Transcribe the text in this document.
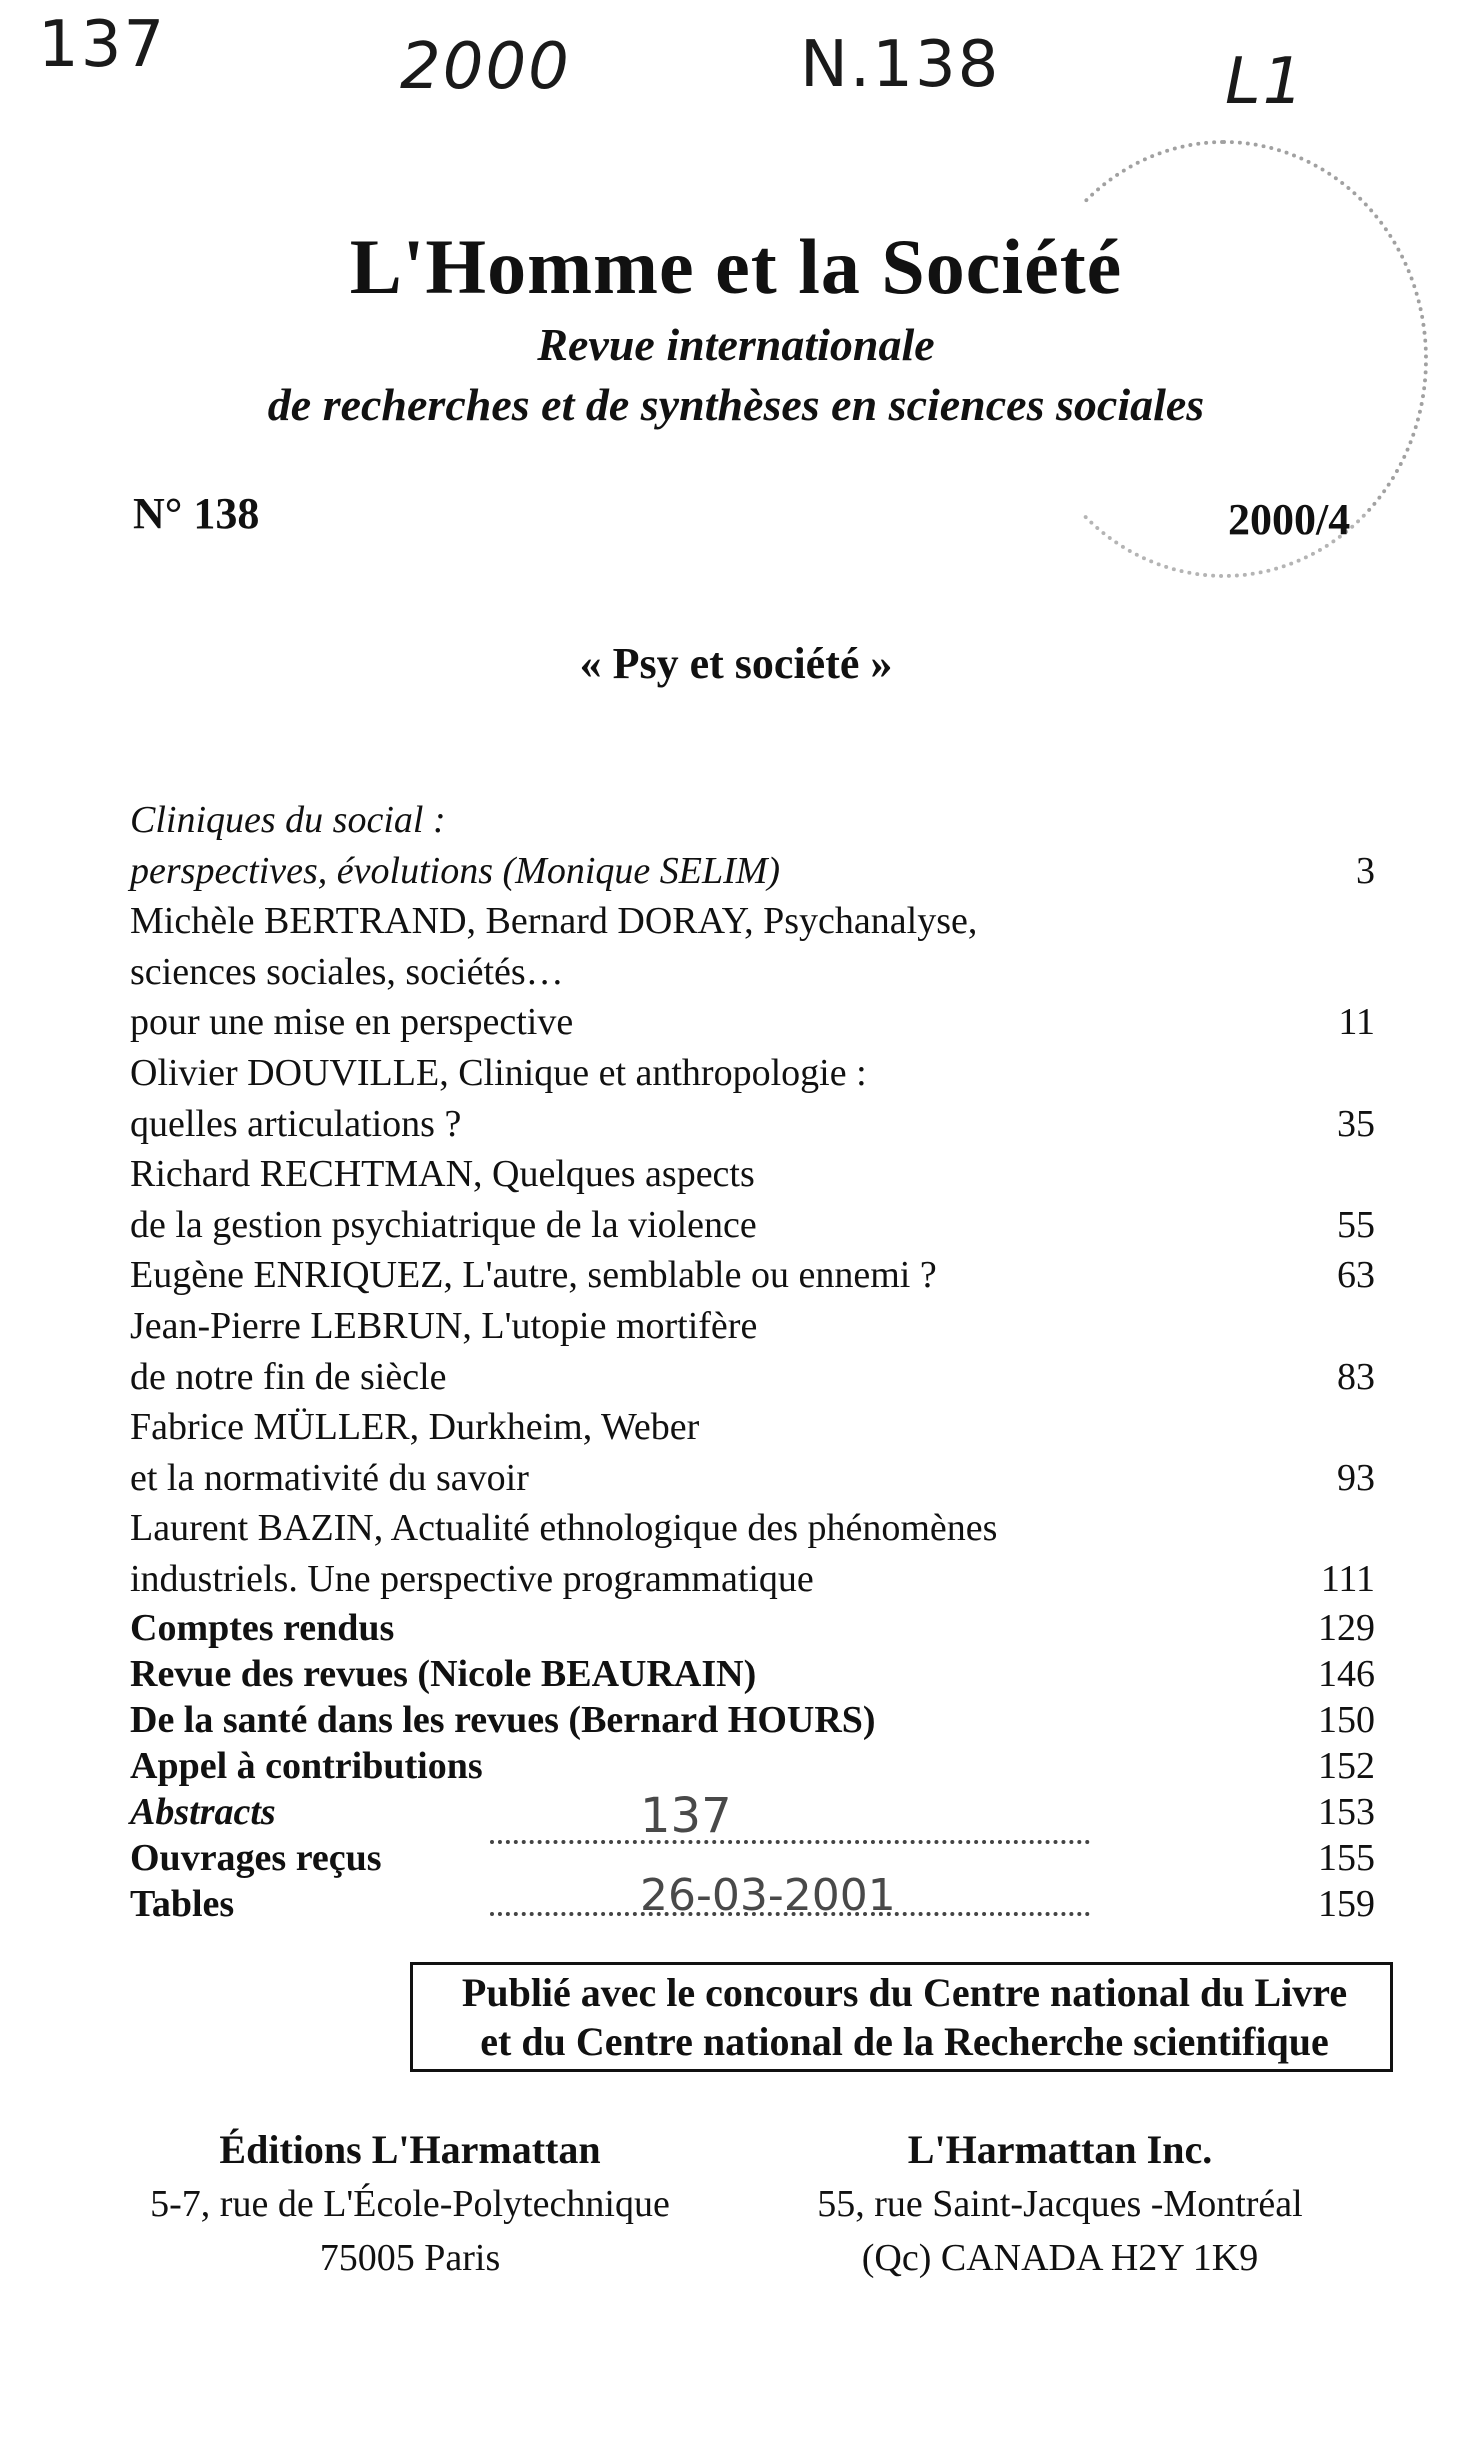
137	2000	N.138	L1
L'Homme et la Société
Revue internationale
de recherches et de synthèses en sciences sociales
N° 138	2000/4
« Psy et société »
Cliniques du social :
perspectives, évolutions (Monique SELIM)	3
Michèle BERTRAND, Bernard DORAY, Psychanalyse,
sciences sociales, sociétés…
pour une mise en perspective	11
Olivier DOUVILLE, Clinique et anthropologie :
quelles articulations ?	35
Richard RECHTMAN, Quelques aspects
de la gestion psychiatrique de la violence	55
Eugène ENRIQUEZ, L'autre, semblable ou ennemi ?	63
Jean-Pierre LEBRUN, L'utopie mortifère
de notre fin de siècle	83
Fabrice MÜLLER, Durkheim, Weber
et la normativité du savoir	93
Laurent BAZIN, Actualité ethnologique des phénomènes
industriels. Une perspective programmatique	111
Comptes rendus	129
Revue des revues (Nicole BEAURAIN)	146
De la santé dans les revues (Bernard HOURS)	150
Appel à contributions	152
Abstracts	153
Ouvrages reçus	155
Tables	159
137
26-03-2001
Publié avec le concours du Centre national du Livre
et du Centre national de la Recherche scientifique
Éditions L'Harmattan
5-7, rue de L'École-Polytechnique
75005 Paris
L'Harmattan Inc.
55, rue Saint-Jacques -Montréal
(Qc) CANADA H2Y 1K9
